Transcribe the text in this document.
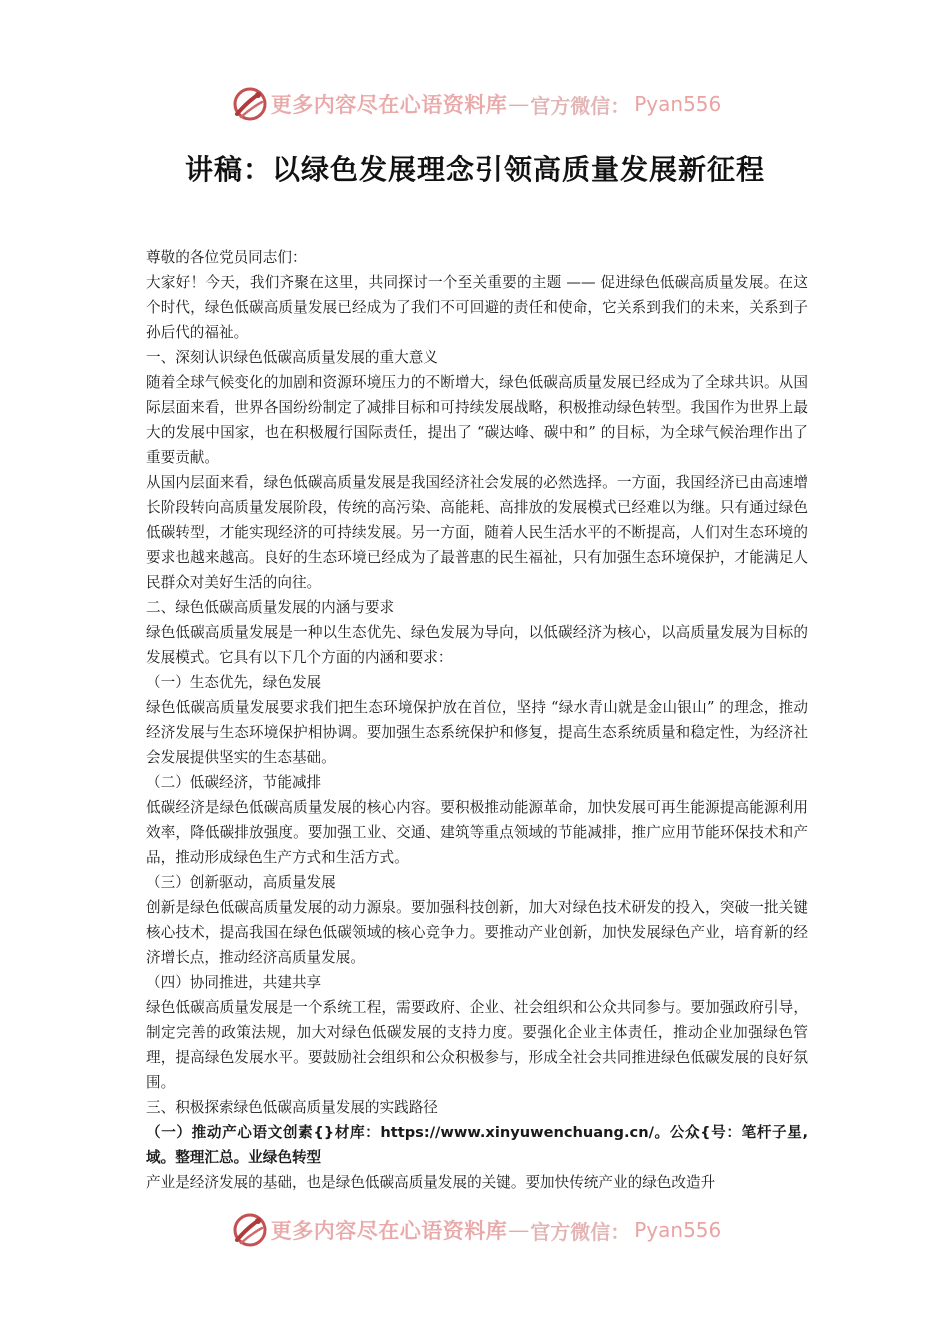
更多内容尽在心语资料库 — 官方微信： Pyan556
讲稿：以绿色发展理念引领高质量发展新征程

尊敬的各位党员同志们：

大家好！今天，我们齐聚在这里，共同探讨一个至关重要的主题 —— 促进绿色低碳高质量发展。在这个时代，绿色低碳高质量发展已经成为了我们不可回避的责任和使命，它关系到我们的未来，关系到子孙后代的福祉。

一、深刻认识绿色低碳高质量发展的重大意义

随着全球气候变化的加剧和资源环境压力的不断增大，绿色低碳高质量发展已经成为了全球共识。从国际层面来看，世界各国纷纷制定了减排目标和可持续发展战略，积极推动绿色转型。我国作为世界上最大的发展中国家，也在积极履行国际责任，提出了 “碳达峰、碳中和” 的目标，为全球气候治理作出了重要贡献。

从国内层面来看，绿色低碳高质量发展是我国经济社会发展的必然选择。一方面，我国经济已由高速增长阶段转向高质量发展阶段，传统的高污染、高能耗、高排放的发展模式已经难以为继。只有通过绿色低碳转型，才能实现经济的可持续发展。另一方面，随着人民生活水平的不断提高，人们对生态环境的要求也越来越高。良好的生态环境已经成为了最普惠的民生福祉，只有加强生态环境保护，才能满足人民群众对美好生活的向往。

二、绿色低碳高质量发展的内涵与要求

绿色低碳高质量发展是一种以生态优先、绿色发展为导向，以低碳经济为核心，以高质量发展为目标的发展模式。它具有以下几个方面的内涵和要求：

（一）生态优先，绿色发展

绿色低碳高质量发展要求我们把生态环境保护放在首位，坚持 “绿水青山就是金山银山” 的理念，推动经济发展与生态环境保护相协调。要加强生态系统保护和修复，提高生态系统质量和稳定性，为经济社会发展提供坚实的生态基础。

（二）低碳经济，节能减排

低碳经济是绿色低碳高质量发展的核心内容。要积极推动能源革命，加快发展可再生能源提高能源利用效率，降低碳排放强度。要加强工业、交通、建筑等重点领域的节能减排，推广应用节能环保技术和产品，推动形成绿色生产方式和生活方式。

（三）创新驱动，高质量发展

创新是绿色低碳高质量发展的动力源泉。要加强科技创新，加大对绿色技术研发的投入，突破一批关键核心技术，提高我国在绿色低碳领域的核心竞争力。要推动产业创新，加快发展绿色产业，培育新的经济增长点，推动经济高质量发展。

（四）协同推进，共建共享

绿色低碳高质量发展是一个系统工程，需要政府、企业、社会组织和公众共同参与。要加强政府引导，制定完善的政策法规，加大对绿色低碳发展的支持力度。要强化企业主体责任，推动企业加强绿色管理，提高绿色发展水平。要鼓励社会组织和公众积极参与，形成全社会共同推进绿色低碳发展的良好氛围。

三、积极探索绿色低碳高质量发展的实践路径

（一）推动产心语文创素{}材库：https://www.xinyuwenchuang.cn/。公众{号：笔杆子星,域。整理汇总。业绿色转型

产业是经济发展的基础，也是绿色低碳高质量发展的关键。要加快传统产业的绿色改造升

更多内容尽在心语资料库 — 官方微信： Pyan556
